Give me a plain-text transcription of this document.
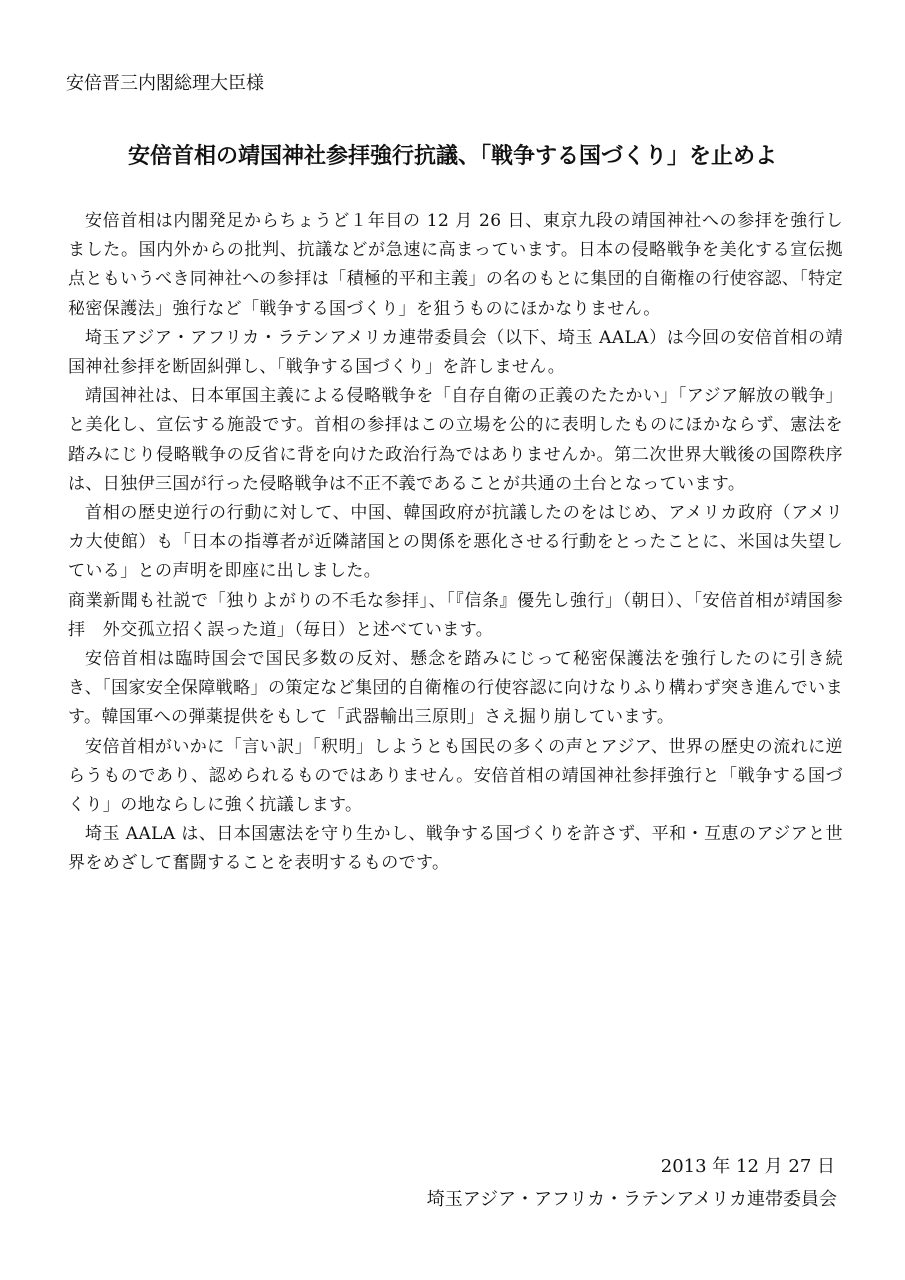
安倍晋三内閣総理大臣様
安倍首相の靖国神社参拝強行抗議、「戦争する国づくり」を止めよ

安倍首相は内閣発足からちょうど１年目の 12 月 26 日、東京九段の靖国神社への参拝を強行しました。国内外からの批判、抗議などが急速に高まっています。日本の侵略戦争を美化する宣伝拠点ともいうべき同神社への参拝は「積極的平和主義」の名のもとに集団的自衛権の行使容認、「特定秘密保護法」強行など「戦争する国づくり」を狙うものにほかなりません。

埼玉アジア・アフリカ・ラテンアメリカ連帯委員会（以下、埼玉 AALA）は今回の安倍首相の靖国神社参拝を断固糾弾し、「戦争する国づくり」を許しません。

靖国神社は、日本軍国主義による侵略戦争を「自存自衛の正義のたたかい」「アジア解放の戦争」と美化し、宣伝する施設です。首相の参拝はこの立場を公的に表明したものにほかならず、憲法を踏みにじり侵略戦争の反省に背を向けた政治行為ではありませんか。第二次世界大戦後の国際秩序は、日独伊三国が行った侵略戦争は不正不義であることが共通の土台となっています。

首相の歴史逆行の行動に対して、中国、韓国政府が抗議したのをはじめ、アメリカ政府（アメリカ大使館）も「日本の指導者が近隣諸国との関係を悪化させる行動をとったことに、米国は失望している」との声明を即座に出しました。

商業新聞も社説で「独りよがりの不毛な参拝」、「『信条』優先し強行」（朝日）、「安倍首相が靖国参拝　外交孤立招く誤った道」（毎日）と述べています。

安倍首相は臨時国会で国民多数の反対、懸念を踏みにじって秘密保護法を強行したのに引き続き、「国家安全保障戦略」の策定など集団的自衛権の行使容認に向けなりふり構わず突き進んでいます。韓国軍への弾薬提供をもして「武器輸出三原則」さえ掘り崩しています。

安倍首相がいかに「言い訳」「釈明」しようとも国民の多くの声とアジア、世界の歴史の流れに逆らうものであり、認められるものではありません。安倍首相の靖国神社参拝強行と「戦争する国づくり」の地ならしに強く抗議します。

埼玉 AALA は、日本国憲法を守り生かし、戦争する国づくりを許さず、平和・互恵のアジアと世界をめざして奮闘することを表明するものです。

2013 年 12 月 27 日
埼玉アジア・アフリカ・ラテンアメリカ連帯委員会
